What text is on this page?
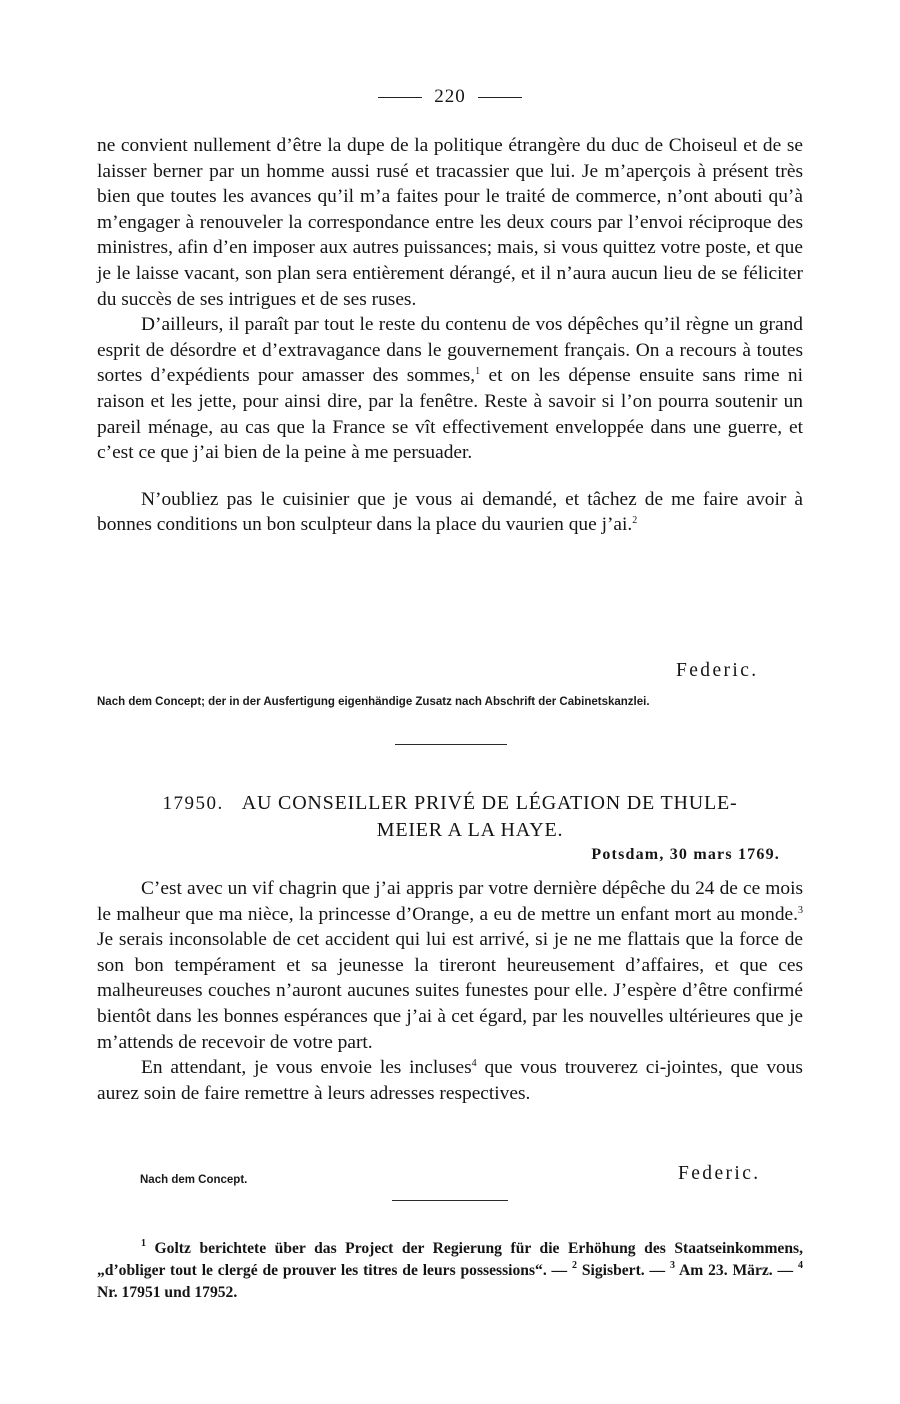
220

ne convient nullement d’être la dupe de la politique étrangère du duc de Choiseul et de se laisser berner par un homme aussi rusé et tracassier que lui. Je m’aperçois à présent très bien que toutes les avances qu’il m’a faites pour le traité de commerce, n’ont abouti qu’à m’engager à renouveler la correspondance entre les deux cours par l’envoi réciproque des ministres, afin d’en imposer aux autres puissances; mais, si vous quittez votre poste, et que je le laisse vacant, son plan sera entièrement dérangé, et il n’aura aucun lieu de se féliciter du succès de ses intrigues et de ses ruses.

D’ailleurs, il paraît par tout le reste du contenu de vos dépêches qu’il règne un grand esprit de désordre et d’extravagance dans le gouvernement français. On a recours à toutes sortes d’expédients pour amasser des sommes,$^1$ et on les dépense ensuite sans rime ni raison et les jette, pour ainsi dire, par la fenêtre. Reste à savoir si l’on pourra soutenir un pareil ménage, au cas que la France se vît effectivement enveloppée dans une guerre, et c’est ce que j’ai bien de la peine à me persuader.

N’oubliez pas le cuisinier que je vous ai demandé, et tâchez de me faire avoir à bonnes conditions un bon sculpteur dans la place du vaurien que j’ai.$^2$

Federic.
Nach dem Concept; der in der Ausfertigung eigenhändige Zusatz nach Abschrift der Cabinetskanzlei.
17950. AU CONSEILLER PRIVÉ DE LÉGATION DE THULE-
MEIER A LA HAYE.
Potsdam, 30 mars 1769.

C’est avec un vif chagrin que j’ai appris par votre dernière dépêche du 24 de ce mois le malheur que ma nièce, la princesse d’Orange, a eu de mettre un enfant mort au monde.$^3$ Je serais inconsolable de cet accident qui lui est arrivé, si je ne me flattais que la force de son bon tempérament et sa jeunesse la tireront heureusement d’affaires, et que ces malheureuses couches n’auront aucunes suites funestes pour elle. J’espère d’être confirmé bientôt dans les bonnes espérances que j’ai à cet égard, par les nouvelles ultérieures que je m’attends de recevoir de votre part.

En attendant, je vous envoie les incluses$^4$ que vous trouverez ci-jointes, que vous aurez soin de faire remettre à leurs adresses respectives.

Nach dem Concept.	Federic.
$^1$ Goltz berichtete über das Project der Regierung für die Erhöhung des Staatseinkommens, „d’obliger tout le clergé de prouver les titres de leurs possessions“. — $^2$ Sigisbert. — $^3$ Am 23. März. — $^4$ Nr. 17951 und 17952.
